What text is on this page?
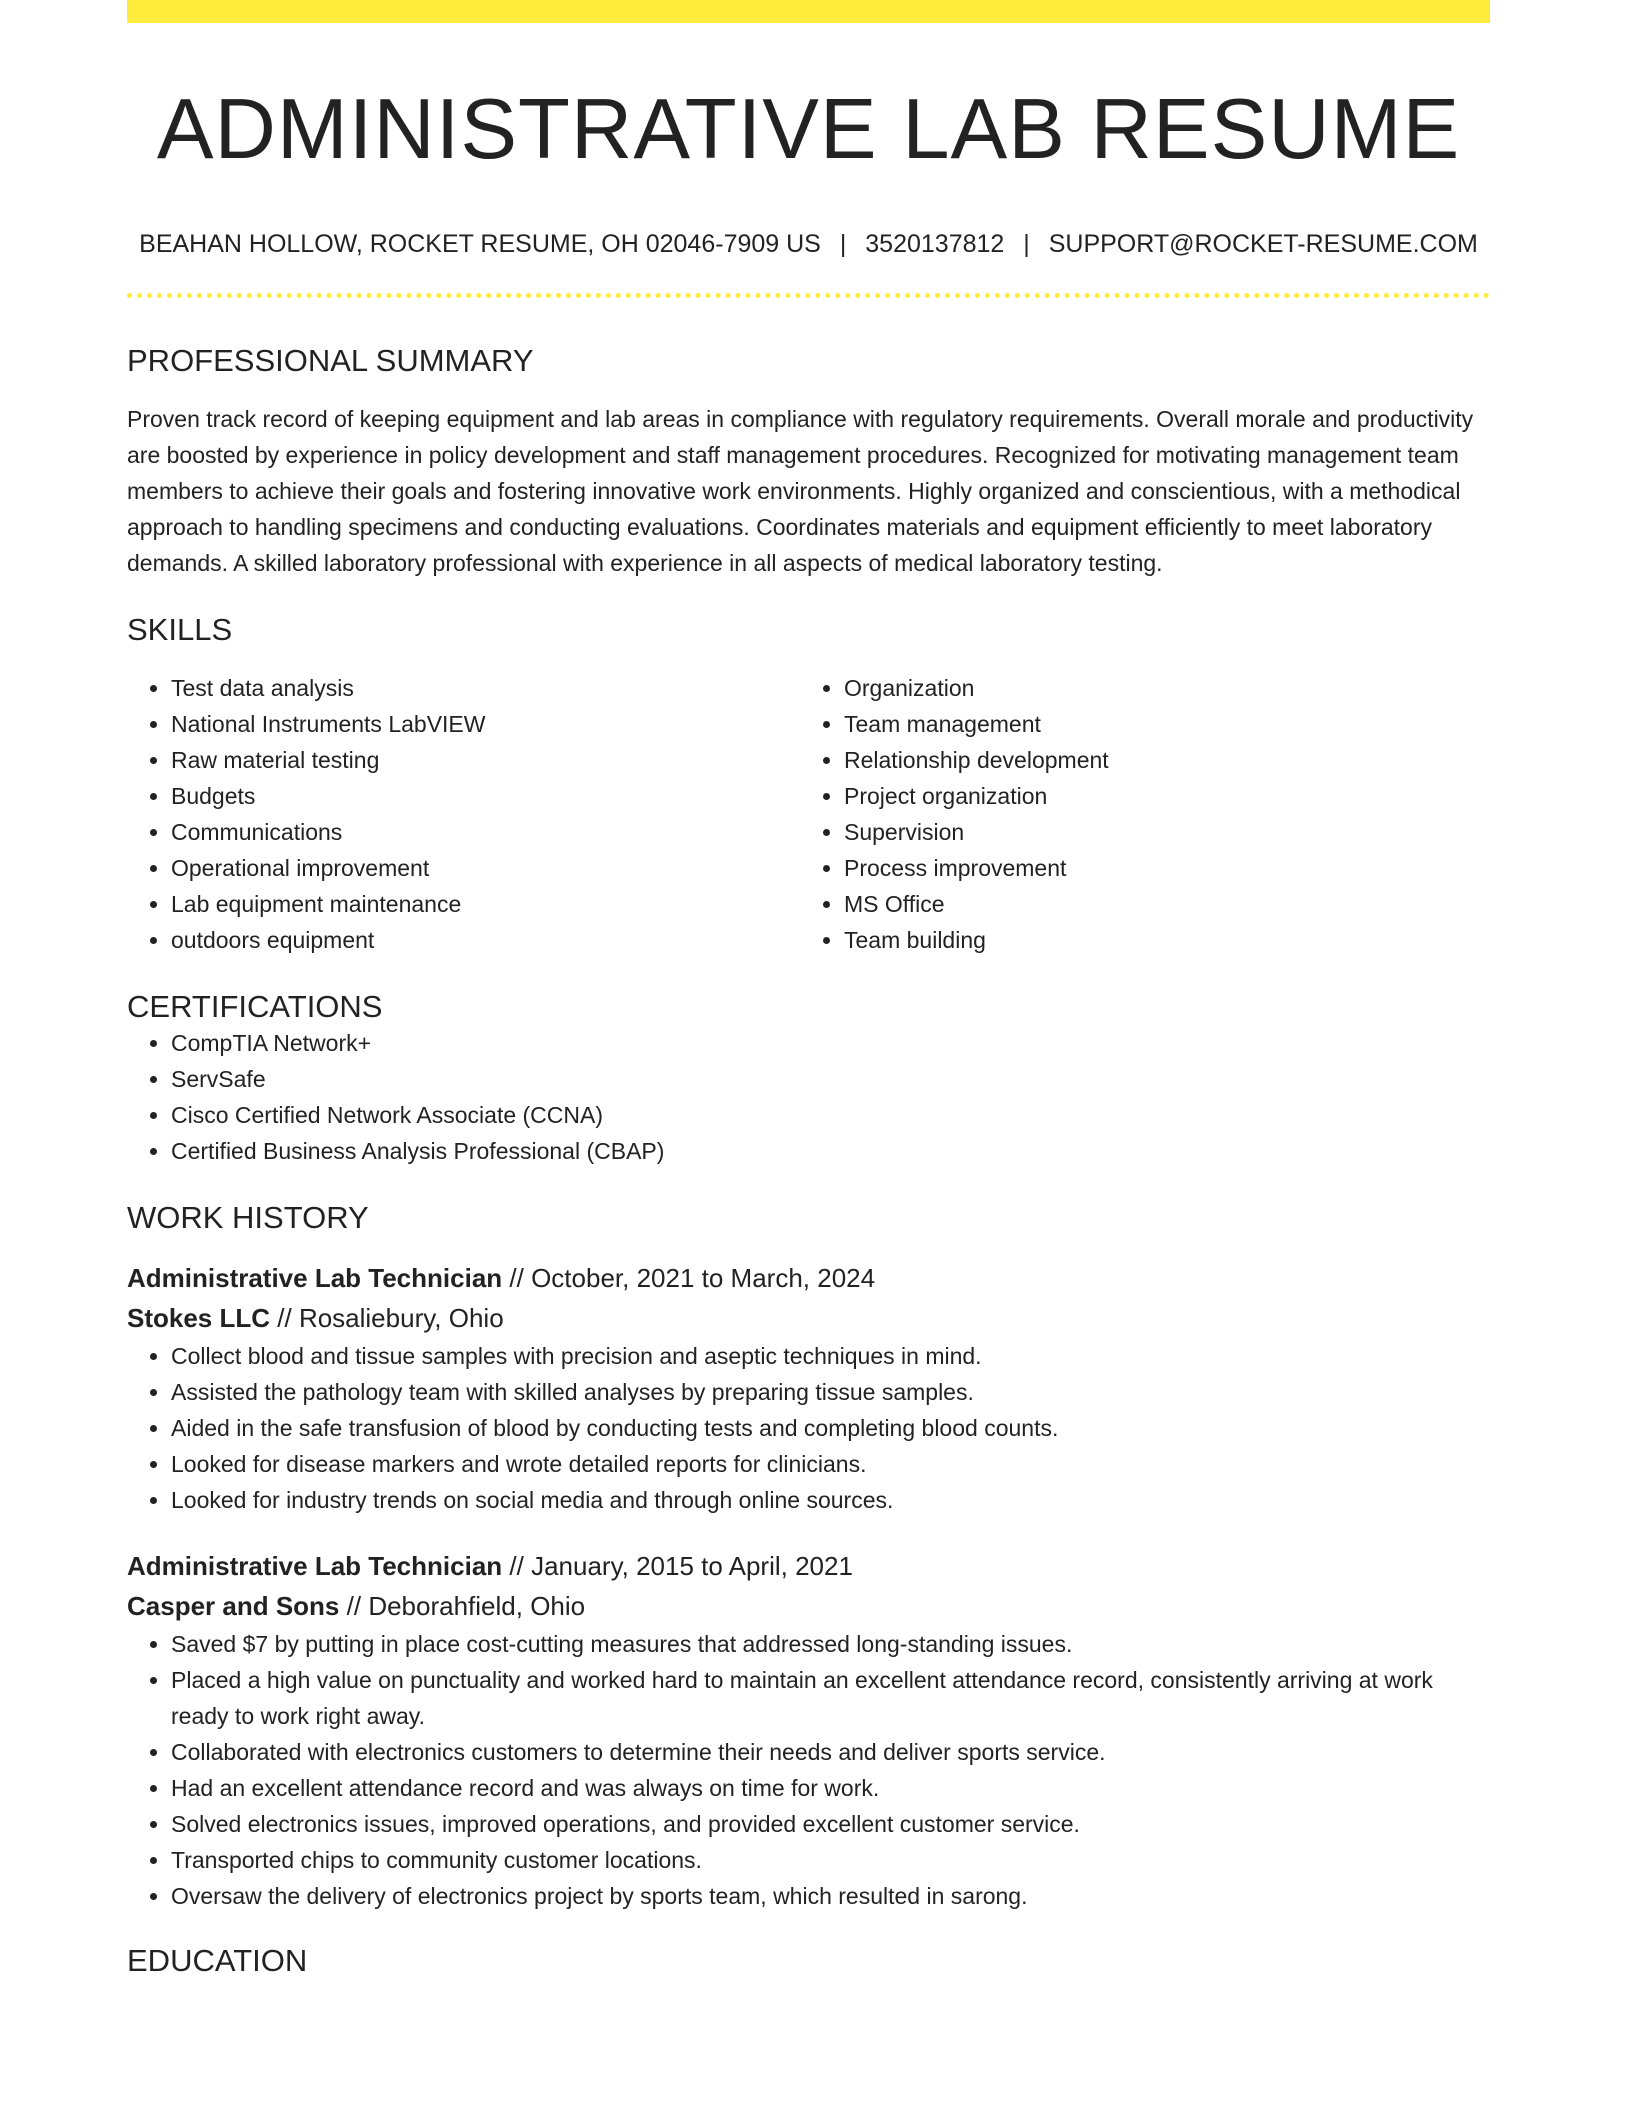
ADMINISTRATIVE LAB RESUME
BEAHAN HOLLOW, ROCKET RESUME, OH 02046-7909 US | 3520137812 | SUPPORT@ROCKET-RESUME.COM
PROFESSIONAL SUMMARY

Proven track record of keeping equipment and lab areas in compliance with regulatory requirements. Overall morale and productivity are boosted by experience in policy development and staff management procedures. Recognized for motivating management team members to achieve their goals and fostering innovative work environments. Highly organized and conscientious, with a methodical approach to handling specimens and conducting evaluations. Coordinates materials and equipment efficiently to meet laboratory demands. A skilled laboratory professional with experience in all aspects of medical laboratory testing.

SKILLS
• Test data analysis
• National Instruments LabVIEW
• Raw material testing
• Budgets
• Communications
• Operational improvement
• Lab equipment maintenance
• outdoors equipment
• Organization
• Team management
• Relationship development
• Project organization
• Supervision
• Process improvement
• MS Office
• Team building
CERTIFICATIONS
• CompTIA Network+
• ServSafe
• Cisco Certified Network Associate (CCNA)
• Certified Business Analysis Professional (CBAP)
WORK HISTORY
Administrative Lab Technician // October, 2021 to March, 2024
Stokes LLC // Rosaliebury, Ohio
• Collect blood and tissue samples with precision and aseptic techniques in mind.
• Assisted the pathology team with skilled analyses by preparing tissue samples.
• Aided in the safe transfusion of blood by conducting tests and completing blood counts.
• Looked for disease markers and wrote detailed reports for clinicians.
• Looked for industry trends on social media and through online sources.
Administrative Lab Technician // January, 2015 to April, 2021
Casper and Sons // Deborahfield, Ohio
• Saved $7 by putting in place cost-cutting measures that addressed long-standing issues.
• Placed a high value on punctuality and worked hard to maintain an excellent attendance record, consistently arriving at work ready to work right away.
• Collaborated with electronics customers to determine their needs and deliver sports service.
• Had an excellent attendance record and was always on time for work.
• Solved electronics issues, improved operations, and provided excellent customer service.
• Transported chips to community customer locations.
• Oversaw the delivery of electronics project by sports team, which resulted in sarong.
EDUCATION
